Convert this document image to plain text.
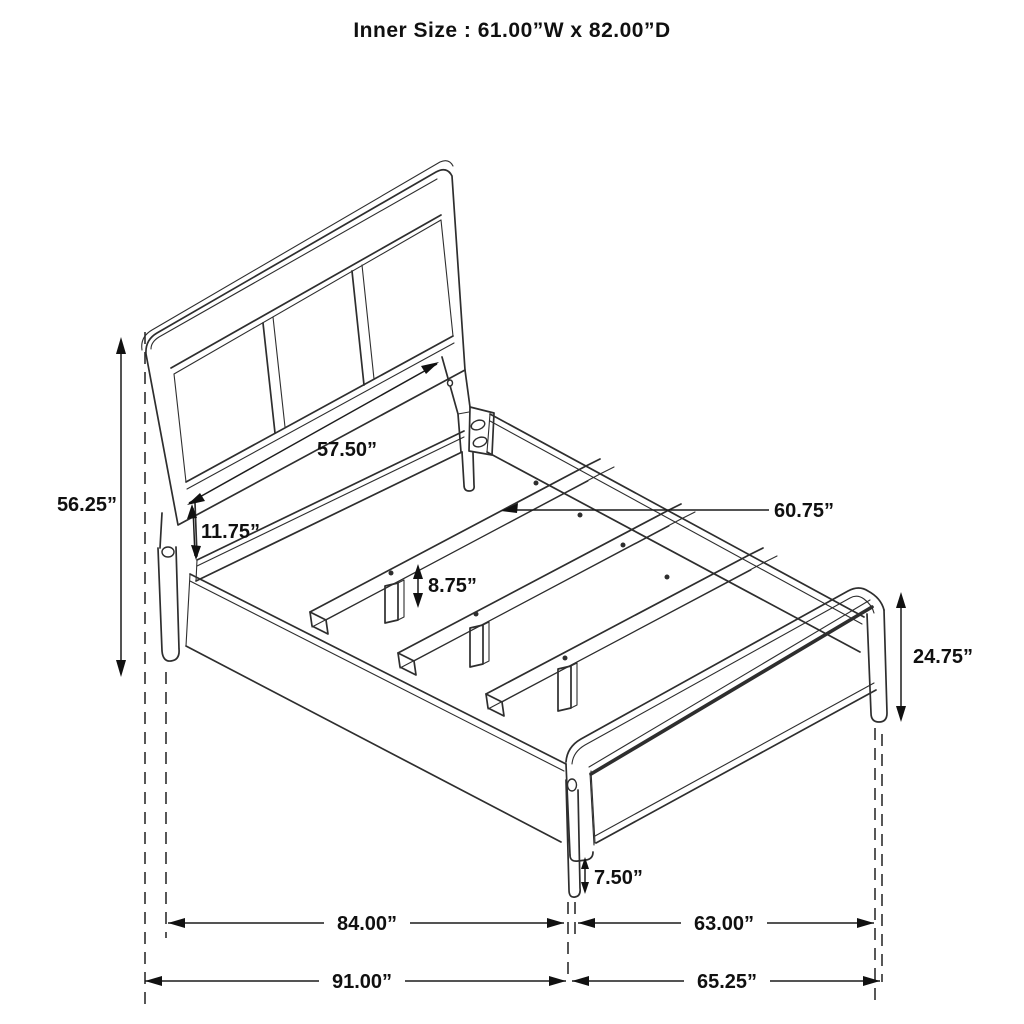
56.25”
11.75”
57.50”
8.75”
60.75”
24.75”
7.50”
84.00”	63.00”
91.00”	65.25”
Inner Size : 61.00”W x 82.00”D
